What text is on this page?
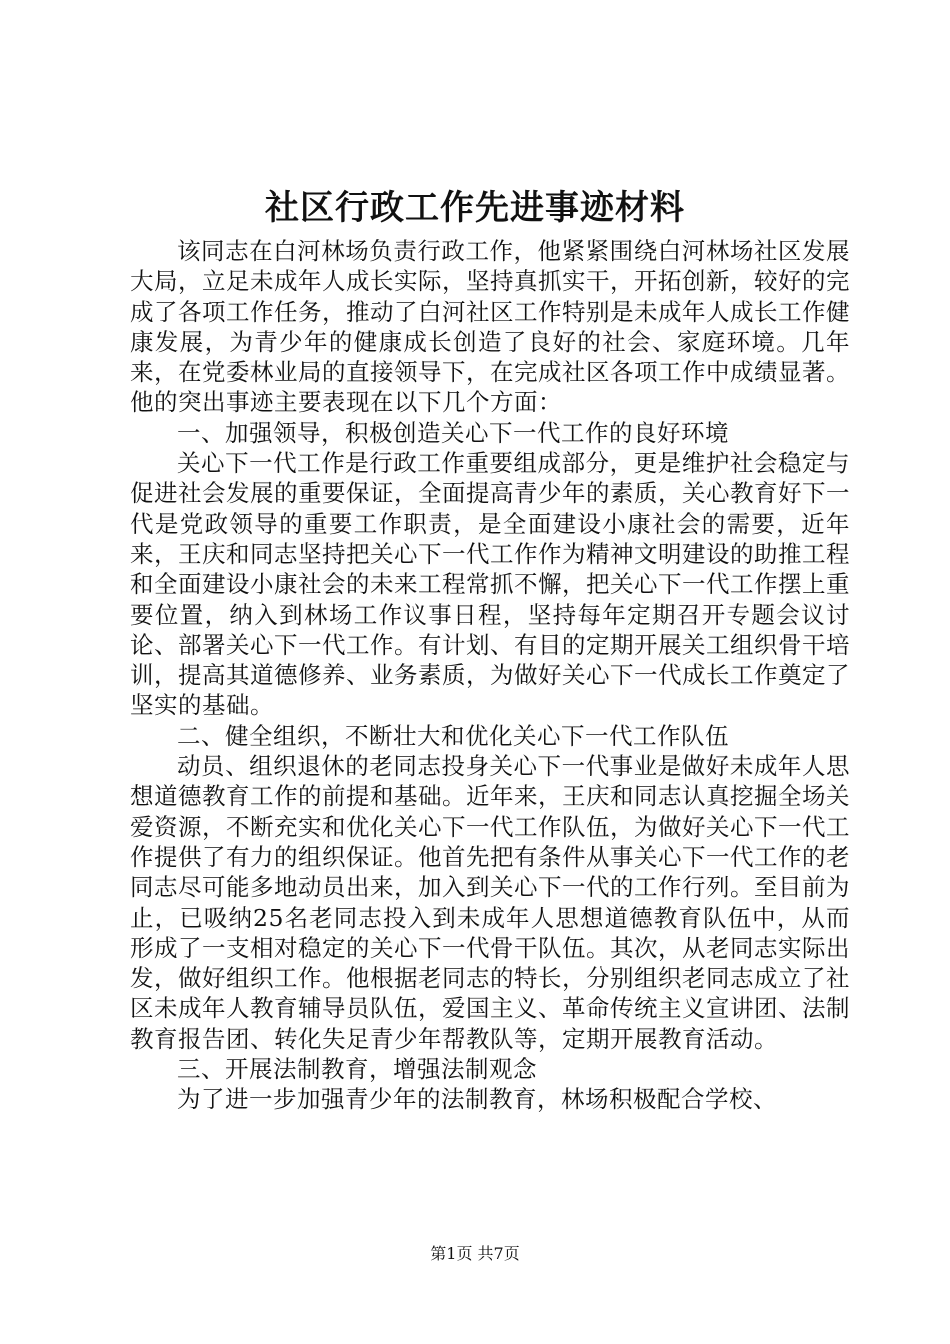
社区行政工作先进事迹材料

该同志在白河林场负责行政工作，他紧紧围绕白河林场社区发展大局，立足未成年人成长实际，坚持真抓实干，开拓创新，较好的完成了各项工作任务，推动了白河社区工作特别是未成年人成长工作健康发展，为青少年的健康成长创造了良好的社会、家庭环境。几年来，在党委林业局的直接领导下，在完成社区各项工作中成绩显著。他的突出事迹主要表现在以下几个方面：

一、加强领导，积极创造关心下一代工作的良好环境

关心下一代工作是行政工作重要组成部分，更是维护社会稳定与促进社会发展的重要保证，全面提高青少年的素质，关心教育好下一代是党政领导的重要工作职责，是全面建设小康社会的需要，近年来，王庆和同志坚持把关心下一代工作作为精神文明建设的助推工程和全面建设小康社会的未来工程常抓不懈，把关心下一代工作摆上重要位置，纳入到林场工作议事日程，坚持每年定期召开专题会议讨论、部署关心下一代工作。有计划、有目的定期开展关工组织骨干培训，提高其道德修养、业务素质，为做好关心下一代成长工作奠定了坚实的基础。

二、健全组织，不断壮大和优化关心下一代工作队伍

动员、组织退休的老同志投身关心下一代事业是做好未成年人思想道德教育工作的前提和基础。近年来，王庆和同志认真挖掘全场关爱资源，不断充实和优化关心下一代工作队伍，为做好关心下一代工作提供了有力的组织保证。他首先把有条件从事关心下一代工作的老同志尽可能多地动员出来，加入到关心下一代的工作行列。至目前为止，已吸纳25名老同志投入到未成年人思想道德教育队伍中，从而形成了一支相对稳定的关心下一代骨干队伍。其次，从老同志实际出发，做好组织工作。他根据老同志的特长，分别组织老同志成立了社区未成年人教育辅导员队伍，爱国主义、革命传统主义宣讲团、法制教育报告团、转化失足青少年帮教队等，定期开展教育活动。

三、开展法制教育，增强法制观念

为了进一步加强青少年的法制教育，林场积极配合学校、

第1页 共7页
